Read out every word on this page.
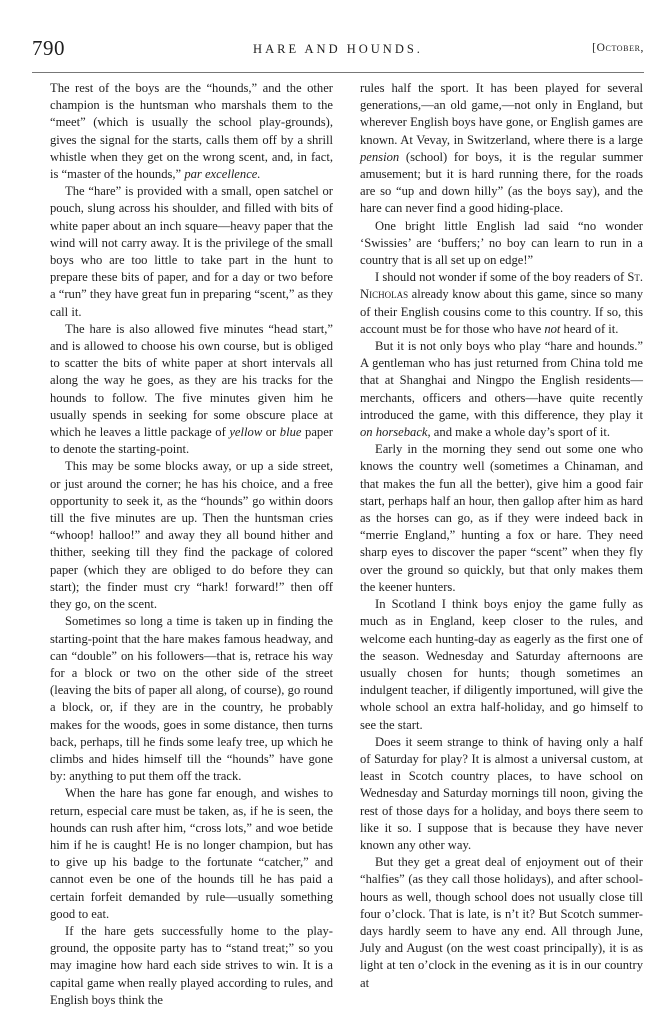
790	HARE AND HOUNDS.	[October,

The rest of the boys are the “hounds,” and the other champion is the huntsman who marshals them to the “meet” (which is usually the school play-grounds), gives the signal for the starts, calls them off by a shrill whistle when they get on the wrong scent, and, in fact, is “master of the hounds,” par excellence.

The “hare” is provided with a small, open satchel or pouch, slung across his shoulder, and filled with bits of white paper about an inch square—heavy paper that the wind will not carry away. It is the privilege of the small boys who are too little to take part in the hunt to prepare these bits of paper, and for a day or two before a “run” they have great fun in preparing “scent,” as they call it.

The hare is also allowed five minutes “head start,” and is allowed to choose his own course, but is obliged to scatter the bits of white paper at short intervals all along the way he goes, as they are his tracks for the hounds to follow. The five minutes given him he usually spends in seeking for some obscure place at which he leaves a little package of yellow or blue paper to denote the starting-point.

This may be some blocks away, or up a side street, or just around the corner; he has his choice, and a free opportunity to seek it, as the “hounds” go within doors till the five minutes are up. Then the huntsman cries “whoop! halloo!” and away they all bound hither and thither, seeking till they find the package of colored paper (which they are obliged to do before they can start); the finder must cry “hark! forward!” then off they go, on the scent.

Sometimes so long a time is taken up in finding the starting-point that the hare makes famous headway, and can “double” on his followers—that is, retrace his way for a block or two on the other side of the street (leaving the bits of paper all along, of course), go round a block, or, if they are in the country, he probably makes for the woods, goes in some distance, then turns back, perhaps, till he finds some leafy tree, up which he climbs and hides himself till the “hounds” have gone by: anything to put them off the track.

When the hare has gone far enough, and wishes to return, especial care must be taken, as, if he is seen, the hounds can rush after him, “cross lots,” and woe betide him if he is caught! He is no longer champion, but has to give up his badge to the fortunate “catcher,” and cannot even be one of the hounds till he has paid a certain forfeit demanded by rule—usually something good to eat.

If the hare gets successfully home to the play-ground, the opposite party has to “stand treat;” so you may imagine how hard each side strives to win. It is a capital game when really played according to rules, and English boys think the

rules half the sport. It has been played for several generations,—an old game,—not only in England, but wherever English boys have gone, or English games are known. At Vevay, in Switzerland, where there is a large pension (school) for boys, it is the regular summer amusement; but it is hard running there, for the roads are so “up and down hilly” (as the boys say), and the hare can never find a good hiding-place.

One bright little English lad said “no wonder ‘Swissies’ are ‘buffers;’ no boy can learn to run in a country that is all set up on edge!”

I should not wonder if some of the boy readers of St. Nicholas already know about this game, since so many of their English cousins come to this country. If so, this account must be for those who have not heard of it.

But it is not only boys who play “hare and hounds.” A gentleman who has just returned from China told me that at Shanghai and Ningpo the English residents—merchants, officers and others—have quite recently introduced the game, with this difference, they play it on horseback, and make a whole day’s sport of it.

Early in the morning they send out some one who knows the country well (sometimes a Chinaman, and that makes the fun all the better), give him a good fair start, perhaps half an hour, then gallop after him as hard as the horses can go, as if they were indeed back in “merrie England,” hunting a fox or hare. They need sharp eyes to discover the paper “scent” when they fly over the ground so quickly, but that only makes them the keener hunters.

In Scotland I think boys enjoy the game fully as much as in England, keep closer to the rules, and welcome each hunting-day as eagerly as the first one of the season. Wednesday and Saturday afternoons are usually chosen for hunts; though sometimes an indulgent teacher, if diligently importuned, will give the whole school an extra half-holiday, and go himself to see the start.

Does it seem strange to think of having only a half of Saturday for play? It is almost a universal custom, at least in Scotch country places, to have school on Wednesday and Saturday mornings till noon, giving the rest of those days for a holiday, and boys there seem to like it so. I suppose that is because they have never known any other way.

But they get a great deal of enjoyment out of their “halfies” (as they call those holidays), and after school-hours as well, though school does not usually close till four o’clock. That is late, is n’t it? But Scotch summer-days hardly seem to have any end. All through June, July and August (on the west coast principally), it is as light at ten o’clock in the evening as it is in our country at
